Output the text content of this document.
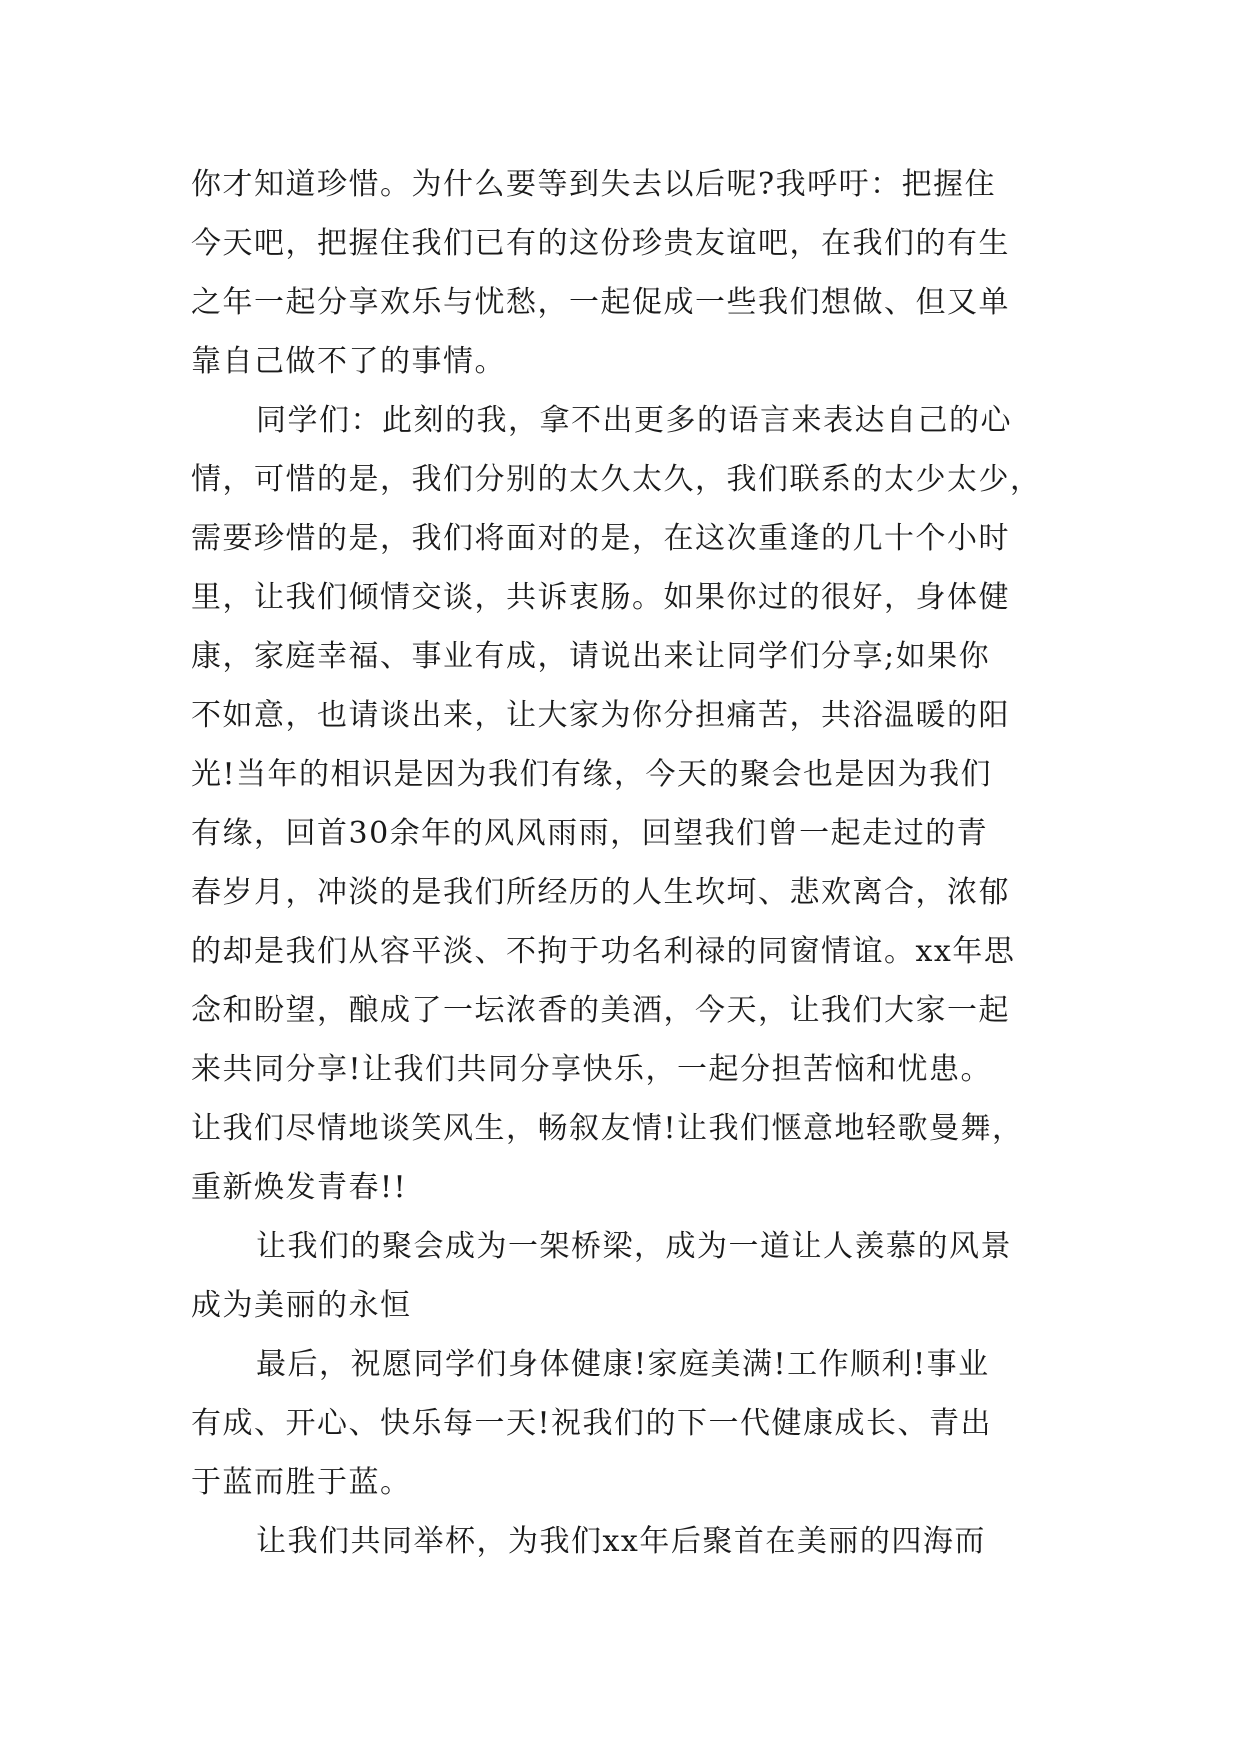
你才知道珍惜。为什么要等到失去以后呢?我呼吁：把握住
今天吧，把握住我们已有的这份珍贵友谊吧，在我们的有生
之年一起分享欢乐与忧愁，一起促成一些我们想做、但又单
靠自己做不了的事情。
同学们：此刻的我，拿不出更多的语言来表达自己的心
情，可惜的是，我们分别的太久太久，我们联系的太少太少，
需要珍惜的是，我们将面对的是，在这次重逢的几十个小时
里，让我们倾情交谈，共诉衷肠。如果你过的很好，身体健
康，家庭幸福、事业有成，请说出来让同学们分享;如果你
不如意，也请谈出来，让大家为你分担痛苦，共浴温暖的阳
光!当年的相识是因为我们有缘，今天的聚会也是因为我们
有缘，回首30余年的风风雨雨，回望我们曾一起走过的青
春岁月，冲淡的是我们所经历的人生坎坷、悲欢离合，浓郁
的却是我们从容平淡、不拘于功名利禄的同窗情谊。xx年思
念和盼望，酿成了一坛浓香的美酒，今天，让我们大家一起
来共同分享!让我们共同分享快乐，一起分担苦恼和忧患。
让我们尽情地谈笑风生，畅叙友情!让我们惬意地轻歌曼舞，
重新焕发青春!!
让我们的聚会成为一架桥梁，成为一道让人羡慕的风景
成为美丽的永恒
最后，祝愿同学们身体健康!家庭美满!工作顺利!事业
有成、开心、快乐每一天!祝我们的下一代健康成长、青出
于蓝而胜于蓝。
让我们共同举杯，为我们xx年后聚首在美丽的四海而
